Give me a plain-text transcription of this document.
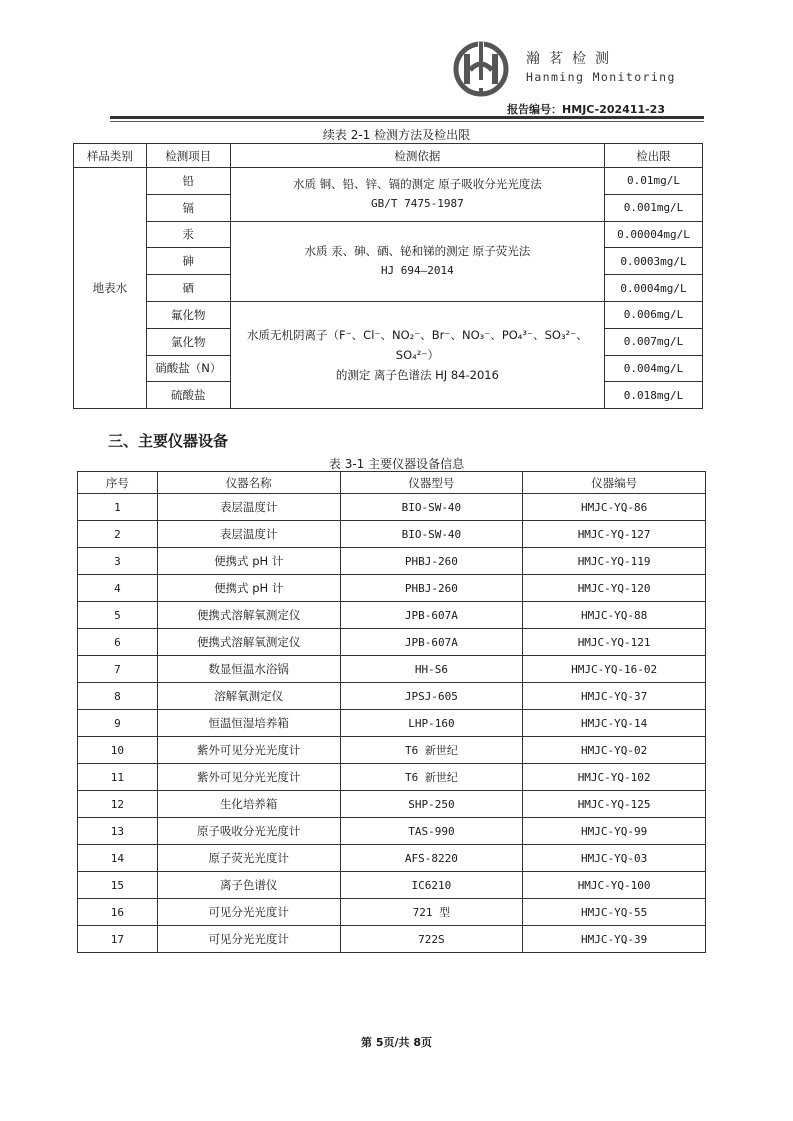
瀚茗检测
Hanming Monitoring
报告编号：HMJC-202411-23
续表 2-1 检测方法及检出限
样品类别	检测项目	检测依据	检出限
地表水	铅	水质 铜、铅、锌、镉的测定 原子吸收分光光度法
GB/T 7475-1987	0.01mg/L
	镉		0.001mg/L
	汞	水质 汞、砷、硒、铋和锑的测定 原子荧光法
HJ 694—2014	0.00004mg/L
	砷		0.0003mg/L
	硒		0.0004mg/L
	氟化物	水质无机阴离子（F⁻、Cl⁻、NO₂⁻、Br⁻、NO₃⁻、PO₄³⁻、SO₃²⁻、SO₄²⁻）
的测定 离子色谱法 HJ 84-2016	0.006mg/L
	氯化物		0.007mg/L
	硝酸盐（N）		0.004mg/L
	硫酸盐		0.018mg/L
三、主要仪器设备
表 3-1 主要仪器设备信息
序号	仪器名称	仪器型号	仪器编号
1	表层温度计	BIO-SW-40	HMJC-YQ-86
2	表层温度计	BIO-SW-40	HMJC-YQ-127
3	便携式 pH 计	PHBJ-260	HMJC-YQ-119
4	便携式 pH 计	PHBJ-260	HMJC-YQ-120
5	便携式溶解氧测定仪	JPB-607A	HMJC-YQ-88
6	便携式溶解氧测定仪	JPB-607A	HMJC-YQ-121
7	数显恒温水浴锅	HH-S6	HMJC-YQ-16-02
8	溶解氧测定仪	JPSJ-605	HMJC-YQ-37
9	恒温恒湿培养箱	LHP-160	HMJC-YQ-14
10	紫外可见分光光度计	T6 新世纪	HMJC-YQ-02
11	紫外可见分光光度计	T6 新世纪	HMJC-YQ-102
12	生化培养箱	SHP-250	HMJC-YQ-125
13	原子吸收分光光度计	TAS-990	HMJC-YQ-99
14	原子荧光光度计	AFS-8220	HMJC-YQ-03
15	离子色谱仪	IC6210	HMJC-YQ-100
16	可见分光光度计	721 型	HMJC-YQ-55
17	可见分光光度计	722S	HMJC-YQ-39
第 5页/共 8页
